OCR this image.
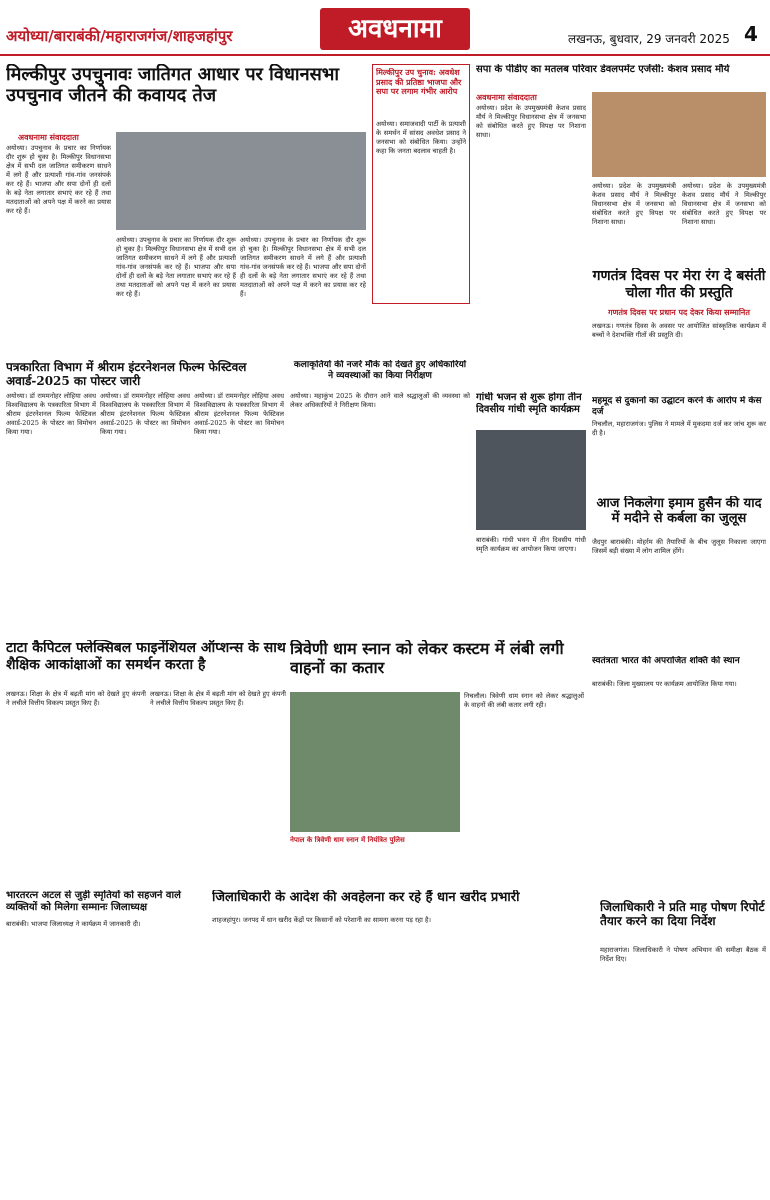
अयोध्या/बाराबंकी/महाराजगंज/शाहजहांपुर	अवधनामा	लखनऊ, बुधवार, 29 जनवरी 2025 4
मिल्कीपुर उपचुनावः जातिगत आधार पर विधानसभा उपचुनाव जीतने की कवायद तेज
अवधनामा संवाददाता
अयोध्या। उपचुनाव के प्रचार का निर्णायक दौर शुरू हो चुका है। मिल्कीपुर विधानसभा क्षेत्र में सभी दल जातिगत समीकरण साधने में लगे हैं और प्रत्याशी गांव-गांव जनसंपर्क कर रहे हैं। भाजपा और सपा दोनों ही दलों के बड़े नेता लगातार सभाएं कर रहे हैं तथा मतदाताओं को अपने पक्ष में करने का प्रयास कर रहे हैं।
अयोध्या। उपचुनाव के प्रचार का निर्णायक दौर शुरू हो चुका है। मिल्कीपुर विधानसभा क्षेत्र में सभी दल जातिगत समीकरण साधने में लगे हैं और प्रत्याशी गांव-गांव जनसंपर्क कर रहे हैं। भाजपा और सपा दोनों ही दलों के बड़े नेता लगातार सभाएं कर रहे हैं तथा मतदाताओं को अपने पक्ष में करने का प्रयास कर रहे हैं।
अयोध्या। उपचुनाव के प्रचार का निर्णायक दौर शुरू हो चुका है। मिल्कीपुर विधानसभा क्षेत्र में सभी दल जातिगत समीकरण साधने में लगे हैं और प्रत्याशी गांव-गांव जनसंपर्क कर रहे हैं। भाजपा और सपा दोनों ही दलों के बड़े नेता लगातार सभाएं कर रहे हैं तथा मतदाताओं को अपने पक्ष में करने का प्रयास कर रहे हैं।
मिल्कीपुर उप चुनाव: अवधेश प्रसाद की प्रतिष्ठा भाजपा और सपा पर लगाम गंभीर आरोप
अयोध्या। समाजवादी पार्टी के प्रत्याशी के समर्थन में सांसद अवधेश प्रसाद ने जनसभा को संबोधित किया। उन्होंने कहा कि जनता बदलाव चाहती है।
सपा के पीडीए का मतलब परिवार डेवलपमेंट एजेंसी: केशव प्रसाद मौर्य
अवधनामा संवाददाता
अयोध्या। प्रदेश के उपमुख्यमंत्री केशव प्रसाद मौर्य ने मिल्कीपुर विधानसभा क्षेत्र में जनसभा को संबोधित करते हुए विपक्ष पर निशाना साधा।
अयोध्या। प्रदेश के उपमुख्यमंत्री केशव प्रसाद मौर्य ने मिल्कीपुर विधानसभा क्षेत्र में जनसभा को संबोधित करते हुए विपक्ष पर निशाना साधा।
अयोध्या। प्रदेश के उपमुख्यमंत्री केशव प्रसाद मौर्य ने मिल्कीपुर विधानसभा क्षेत्र में जनसभा को संबोधित करते हुए विपक्ष पर निशाना साधा।
गणतंत्र दिवस पर मेरा रंग दे बसंती चोला गीत की प्रस्तुति
गणतंत्र दिवस पर प्रधान पद देकर किया सम्मानित
लखनऊ। गणतंत्र दिवस के अवसर पर आयोजित सांस्कृतिक कार्यक्रम में बच्चों ने देशभक्ति गीतों की प्रस्तुति दी।
महमूद से दुकानों का उद्घाटन करने के आरोप में केस दर्ज
निचलौल, महाराजगंज। पुलिस ने मामले में मुकदमा दर्ज कर जांच शुरू कर दी है।
आज निकलेगा इमाम हुसैन की याद में मदीने से कर्बला का जुलूस
जैदपुर बाराबंकी। मोहर्रम की तैयारियों के बीच जुलूस निकाला जाएगा जिसमें बड़ी संख्या में लोग शामिल होंगे।
पत्रकारिता विभाग में श्रीराम इंटरनेशनल फिल्म फेस्टिवल अवार्ड-2025 का पोस्टर जारी
अयोध्या। डॉ राममनोहर लोहिया अवध विश्वविद्यालय के पत्रकारिता विभाग में श्रीराम इंटरनेशनल फिल्म फेस्टिवल अवार्ड-2025 के पोस्टर का विमोचन किया गया।
अयोध्या। डॉ राममनोहर लोहिया अवध विश्वविद्यालय के पत्रकारिता विभाग में श्रीराम इंटरनेशनल फिल्म फेस्टिवल अवार्ड-2025 के पोस्टर का विमोचन किया गया।
अयोध्या। डॉ राममनोहर लोहिया अवध विश्वविद्यालय के पत्रकारिता विभाग में श्रीराम इंटरनेशनल फिल्म फेस्टिवल अवार्ड-2025 के पोस्टर का विमोचन किया गया।
कलाकृतियों की नजरें मौके को देखते हुए अधिकारियों ने व्यवस्थाओं का किया निरीक्षण
अयोध्या। महाकुंभ 2025 के दौरान आने वाले श्रद्धालुओं की व्यवस्था को लेकर अधिकारियों ने निरीक्षण किया।
गांधी भजन से शुरू होगा तीन दिवसीय गांधी स्मृति कार्यक्रम
बाराबंकी। गांधी भवन में तीन दिवसीय गांधी स्मृति कार्यक्रम का आयोजन किया जाएगा।
टाटा कैपिटल फ्लेक्सिबल फाइनेंशियल ऑप्शन्स के साथ शैक्षिक आकांक्षाओं का समर्थन करता है
लखनऊ। शिक्षा के क्षेत्र में बढ़ती मांग को देखते हुए कंपनी ने लचीले वित्तीय विकल्प प्रस्तुत किए हैं।
लखनऊ। शिक्षा के क्षेत्र में बढ़ती मांग को देखते हुए कंपनी ने लचीले वित्तीय विकल्प प्रस्तुत किए हैं।
त्रिवेणी धाम स्नान को लेकर कस्टम में लंबी लगी वाहनों का कतार
निचलौल। त्रिवेणी धाम स्नान को लेकर श्रद्धालुओं के वाहनों की लंबी कतार लगी रही।
नेपाल के त्रिवेणी धाम स्नान में नियंत्रित पुलिस
स्वतंत्रता भारत की अपराजित शक्ति की स्थान
बाराबंकी। जिला मुख्यालय पर कार्यक्रम आयोजित किया गया।
भारतरत्न अटल से जुड़ी स्मृतियों को सहजने वाले व्यक्तियों को मिलेगा सम्मानः जिलाध्यक्ष
बाराबंकी। भाजपा जिलाध्यक्ष ने कार्यक्रम में जानकारी दी।
जिलाधिकारी के आदेश की अवहेलना कर रहे हैं धान खरीद प्रभारी
शाहजहांपुर। जनपद में धान खरीद केंद्रों पर किसानों को परेशानी का सामना करना पड़ रहा है।
जिलाधिकारी ने प्रति माह पोषण रिपोर्ट तैयार करने का दिया निर्देश
महाराजगंज। जिलाधिकारी ने पोषण अभियान की समीक्षा बैठक में निर्देश दिए।
